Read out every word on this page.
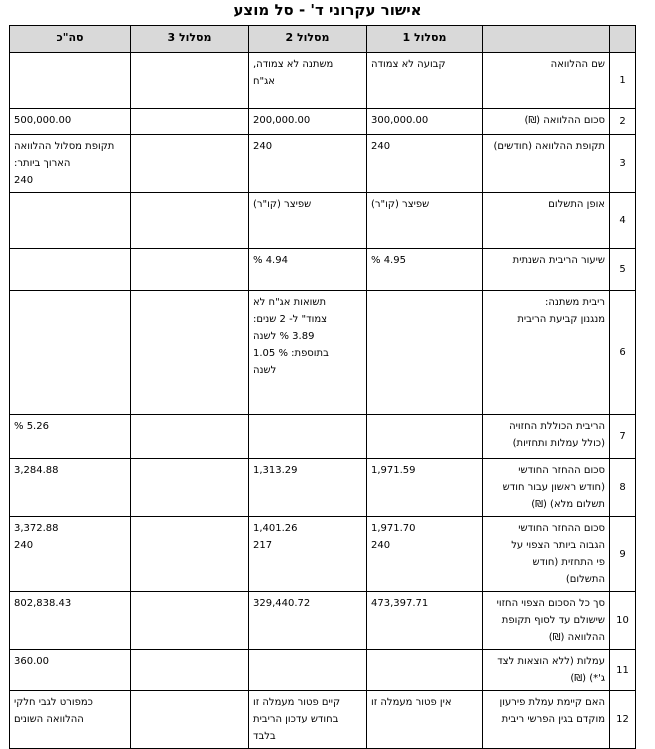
אישור עקרוני ד' - סל מוצע
		מסלול 1	מסלול 2	מסלול 3	סה"כ
1	שם ההלוואה	קבועה לא צמודה	משתנה לא צמודה,
אג"ח		

2	סכום ההלוואה (₪)	300,000.00	200,000.00		500,000.00
3	תקופת ההלוואה (חודשים)	240	240		תקופת מסלול ההלוואה
הארוך ביותר:
240

4	אופן התשלום	שפיצר (קו"ר)	שפיצר (קו"ר)		
5	שיעור הריבית השנתית	4.95 %	4.94 %		
6	ריבית משתנה:
מנגנון קביעת הריבית		תשואות אג"ח לא
צמוד" ל- 2 שנים:
3.89 % לשנה
בתוספת: % 1.05
לשנה		

7	הריבית הכוללת החזויה
(כולל עמלות ותחזיות)				5.26 %
8	סכום ההחזר החודשי
(חודש ראשון עבור חודש
תשלום מלא) (₪)	1,971.59	1,313.29		3,284.88
9	סכום ההחזר החודשי
הגבוה ביותר הצפוי על
פי התחזית (חודש
התשלום)	1,971.70
240	1,401.26
217		3,372.88
240

10	סך כל הסכום הצפוי החזוי
שישולם עד לסוף תקופת
ההלוואה (₪)	473,397.71	329,440.72		802,838.43
11	עמלות (ללא הוצאות לצד
ג'*) (₪)				360.00
12	האם קיימת עמלת פירעון
מוקדם בגין הפרשי ריבית	אין פטור מעמלה זו	קיים פטור מעמלה זו
בחודש עדכון הריבית
בלבד		כמפורט לגבי חלקי
ההלוואה השונים
